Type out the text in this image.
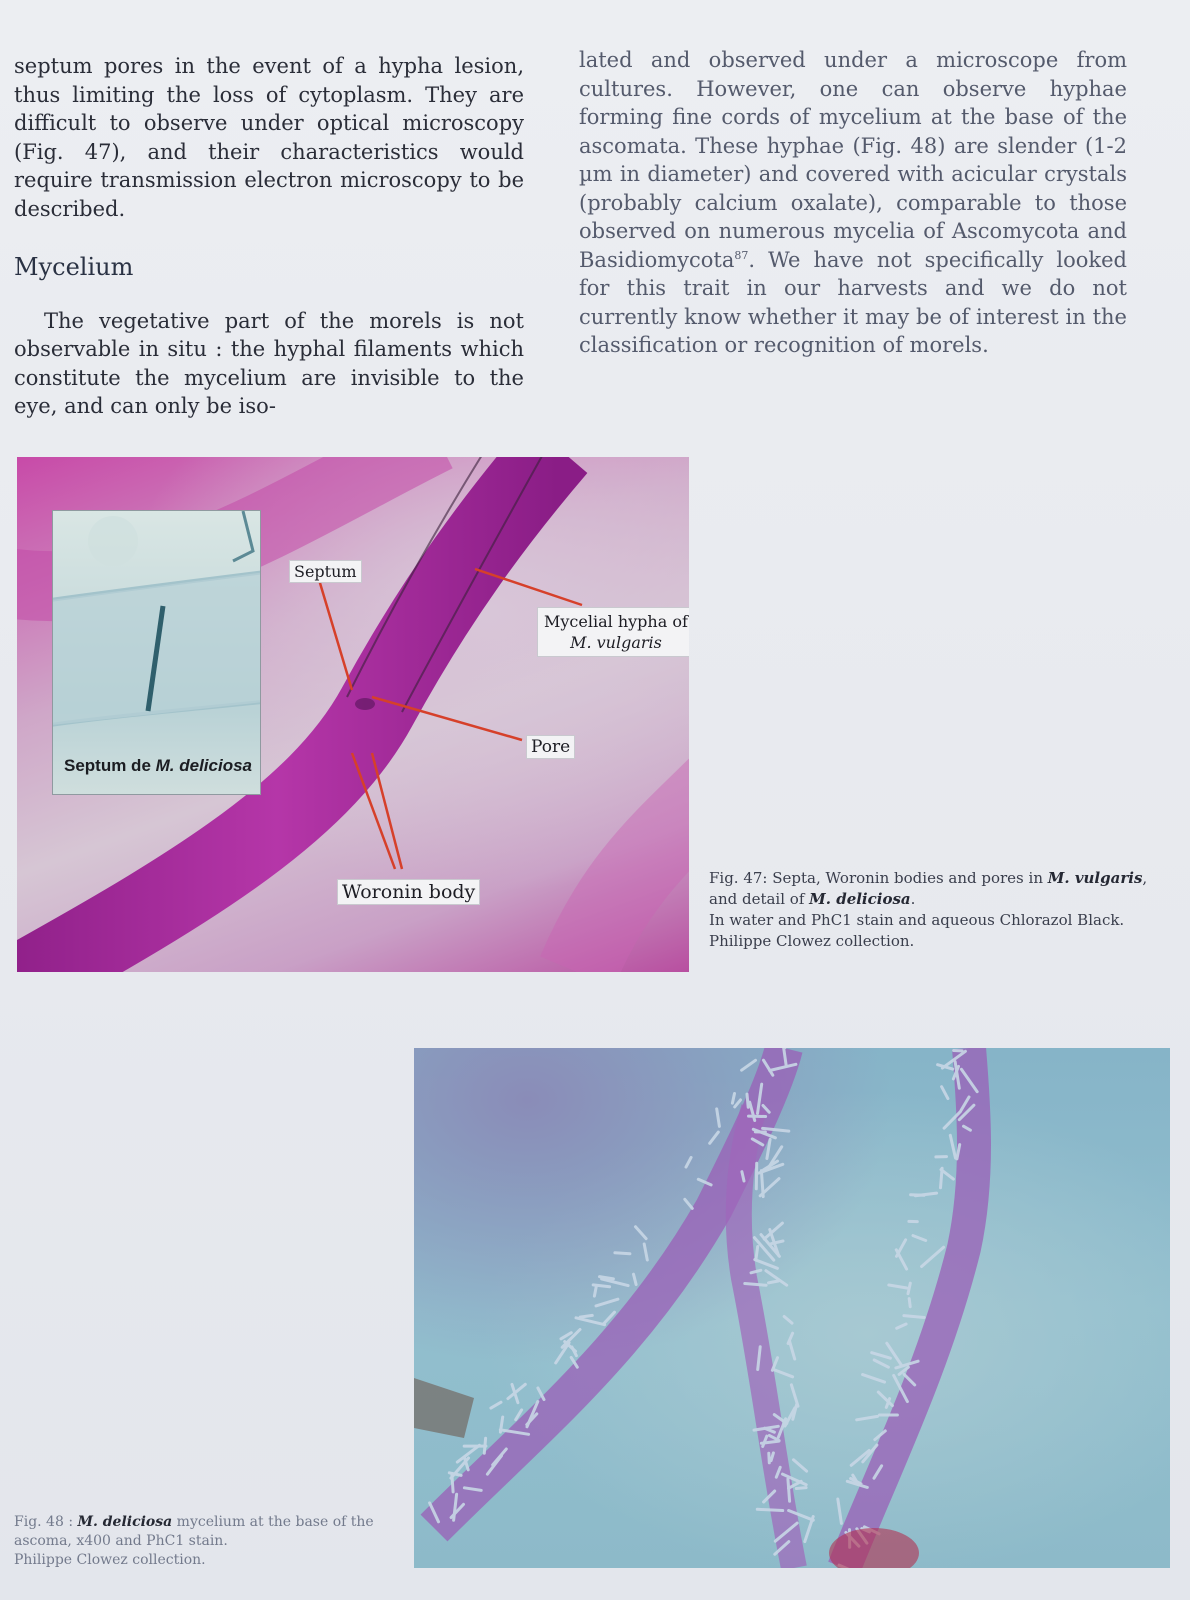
septum pores in the event of a hypha lesion, thus limiting the loss of cytoplasm. They are difficult to observe under optical microscopy (Fig. 47), and their characteristics would require transmission electron microscopy to be described.

Mycelium

The vegetative part of the morels is not observable in situ : the hyphal filaments which constitute the mycelium are invisible to the eye, and can only be iso-

lated and observed under a microscope from cultures. However, one can observe hyphae forming fine cords of mycelium at the base of the ascomata. These hyphae (Fig. 48) are slender (1-2 µm in diameter) and covered with acicular crystals (probably calcium oxalate), comparable to those observed on numerous mycelia of Ascomycota and Basidiomycota$^{87}$. We have not specifically looked for this trait in our harvests and we do not currently know whether it may be of interest in the classification or recognition of morels.

Septum
Mycelial hypha of
M. vulgaris
Pore
Woronin body
Septum de M. deliciosa
Fig. 47: Septa, Woronin bodies and pores in M. vulgaris, and detail of M. deliciosa.
In water and PhC1 stain and aqueous Chlorazol Black.
Philippe Clowez collection.
Fig. 48 : M. deliciosa mycelium at the base of the ascoma, x400 and PhC1 stain.
Philippe Clowez collection.
